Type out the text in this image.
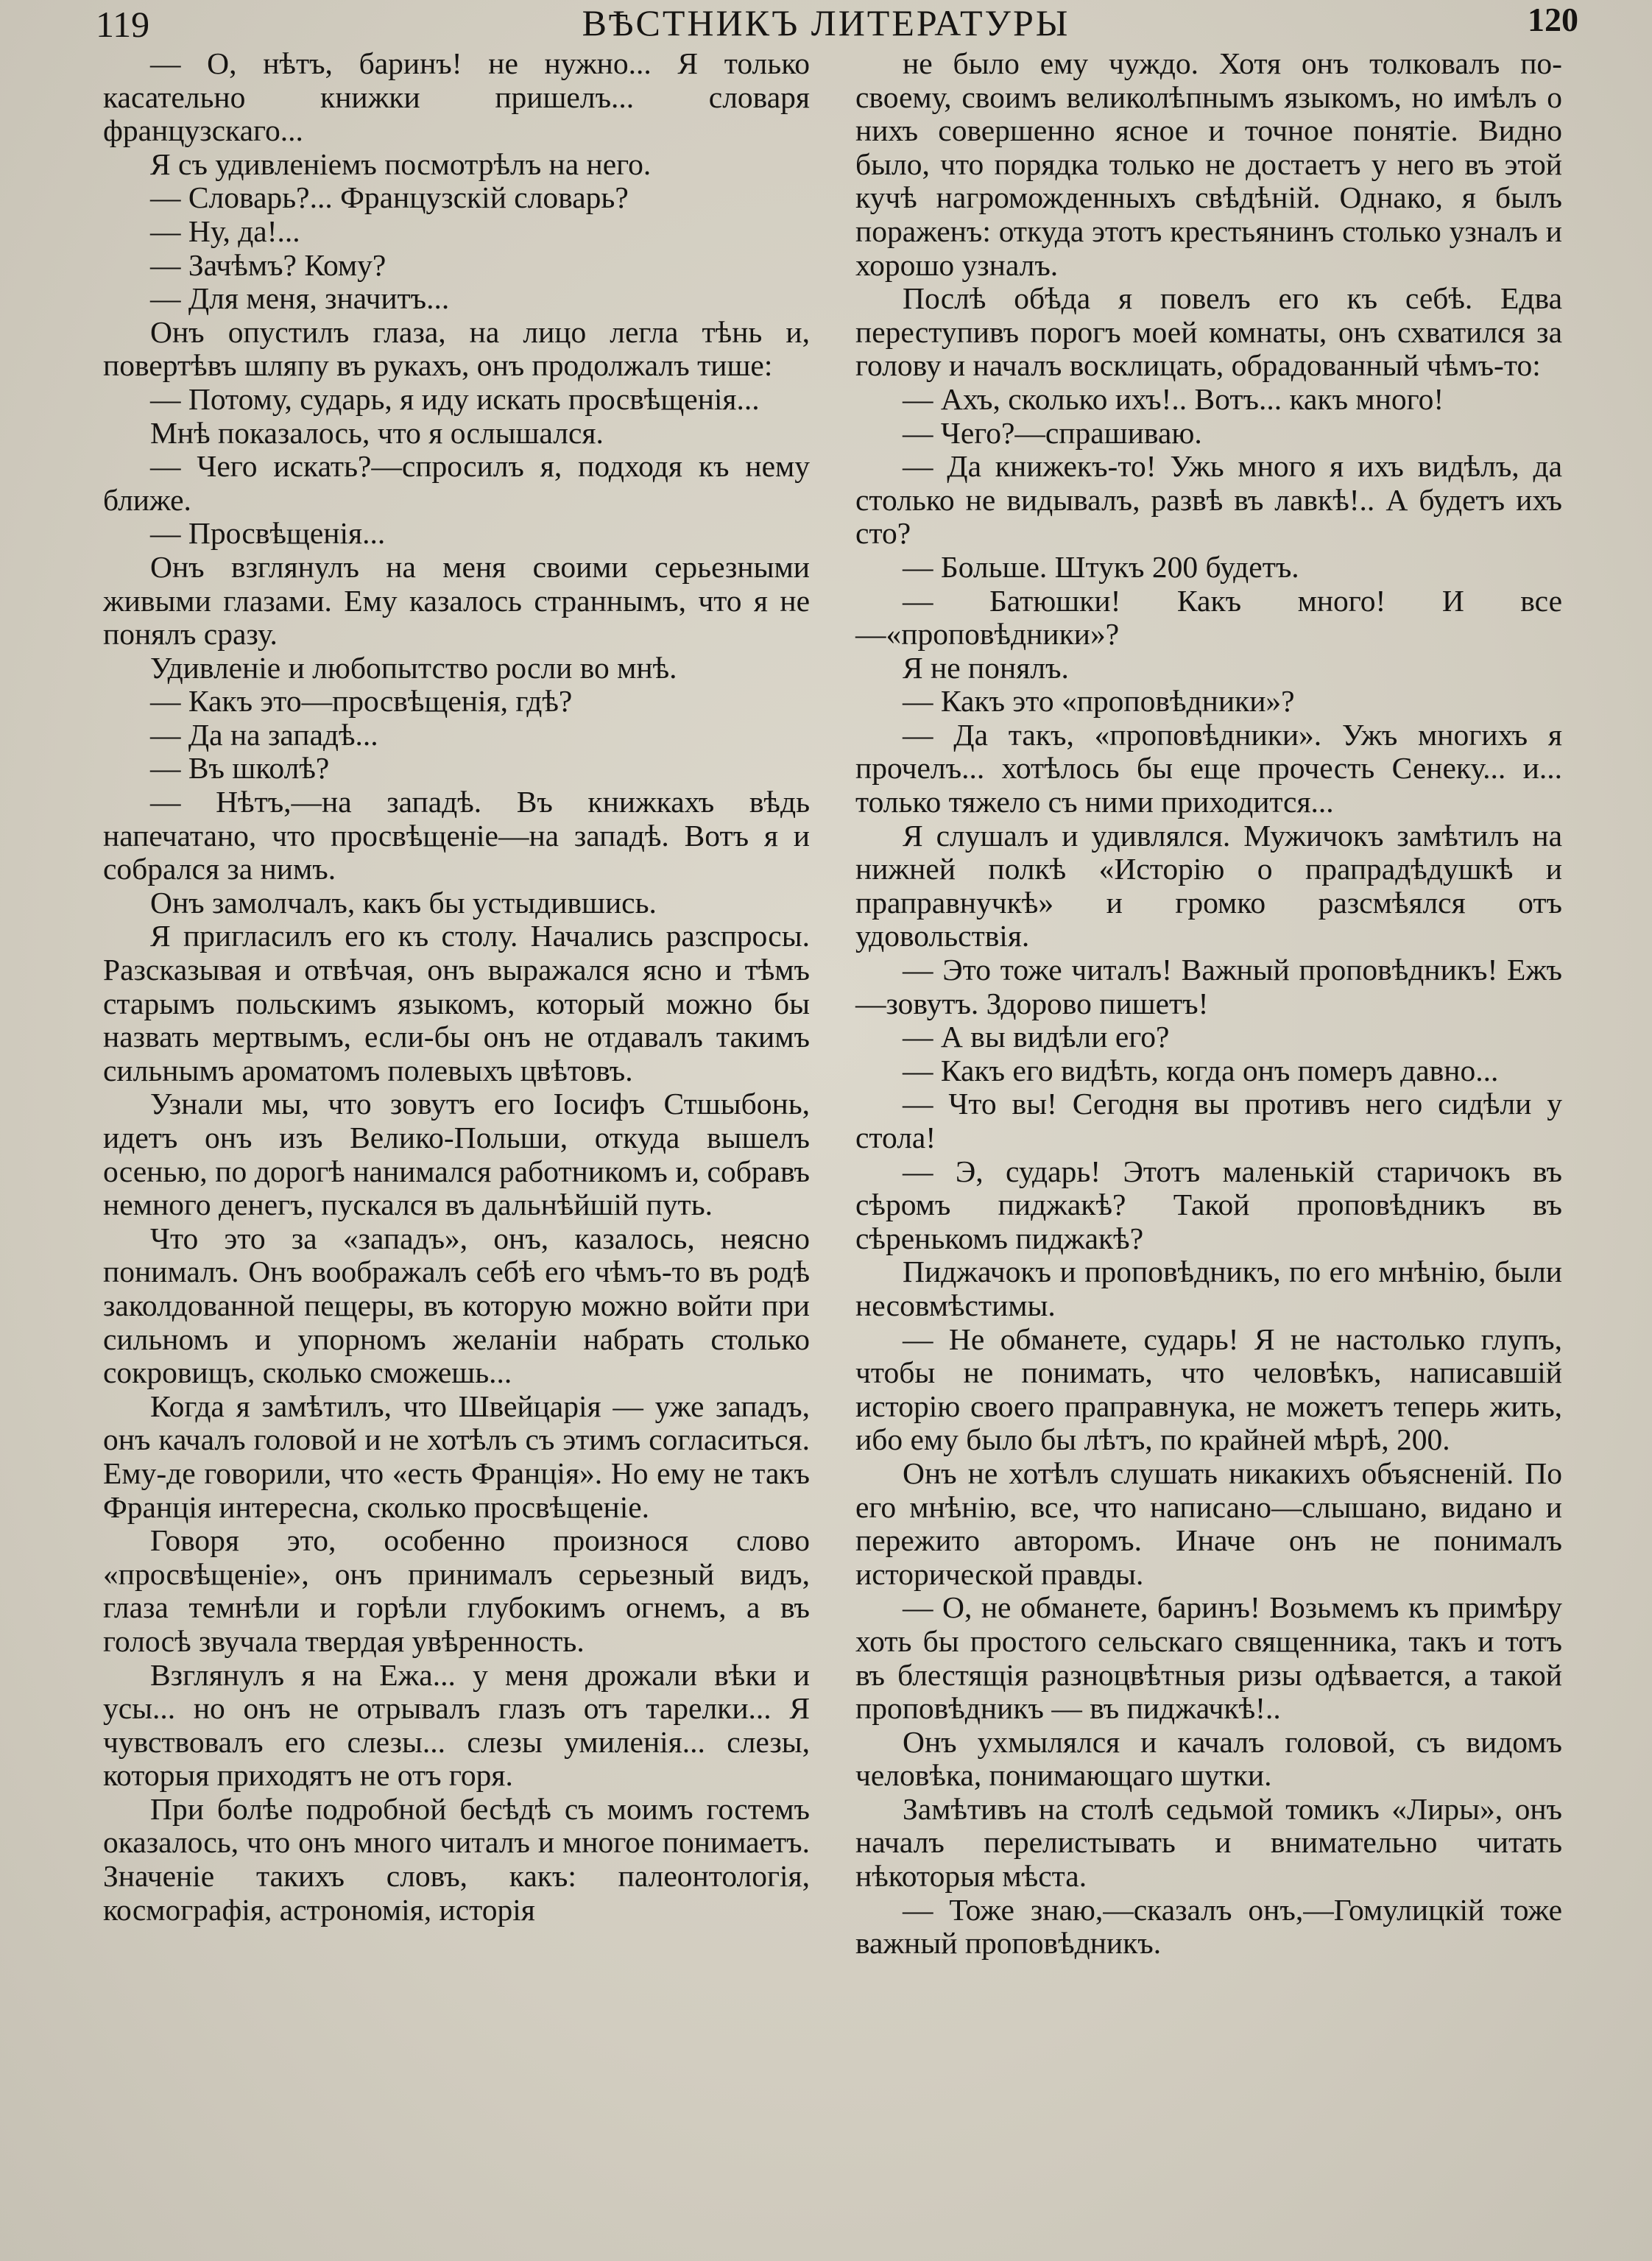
119	ВѢСТНИКЪ ЛИТЕРАТУРЫ	120

— О, нѣтъ, баринъ! не нужно... Я только касательно книжки пришелъ... словаря французскаго...

Я съ удивленіемъ посмотрѣлъ на него.

— Словарь?... Французскій словарь?

— Ну, да!...

— Зачѣмъ? Кому?

— Для меня, значитъ...

Онъ опустилъ глаза, на лицо легла тѣнь и, повертѣвъ шляпу въ рукахъ, онъ продолжалъ тише:

— Потому, сударь, я иду искать просвѣщенія...

Мнѣ показалось, что я ослышался.

— Чего искать?—спросилъ я, подходя къ нему ближе.

— Просвѣщенія...

Онъ взглянулъ на меня своими серьезными живыми глазами. Ему казалось страннымъ, что я не понялъ сразу.

Удивленіе и любопытство росли во мнѣ.

— Какъ это—просвѣщенія, гдѣ?

— Да на западѣ...

— Въ школѣ?

— Нѣтъ,—на западѣ. Въ книжкахъ вѣдь напечатано, что просвѣщеніе—на западѣ. Вотъ я и собрался за нимъ.

Онъ замолчалъ, какъ бы устыдившись.

Я пригласилъ его къ столу. Начались разспросы. Разсказывая и отвѣчая, онъ выражался ясно и тѣмъ старымъ польскимъ языкомъ, который можно бы назвать мертвымъ, если-бы онъ не отдавалъ такимъ сильнымъ ароматомъ полевыхъ цвѣтовъ.

Узнали мы, что зовутъ его Іосифъ Стшыбонь, идетъ онъ изъ Велико-Польши, откуда вышелъ осенью, по дорогѣ нанимался работникомъ и, собравъ немного денегъ, пускался въ дальнѣйшій путь.

Что это за «западъ», онъ, казалось, неясно понималъ. Онъ воображалъ себѣ его чѣмъ-то въ родѣ заколдованной пещеры, въ которую можно войти при сильномъ и упорномъ желаніи набрать столько сокровищъ, сколько сможешь...

Когда я замѣтилъ, что Швейцарія — уже западъ, онъ качалъ головой и не хотѣлъ съ этимъ согласиться. Ему-де говорили, что «есть Франція». Но ему не такъ Франція интересна, сколько просвѣщеніе.

Говоря это, особенно произнося слово «просвѣщеніе», онъ принималъ серьезный видъ, глаза темнѣли и горѣли глубокимъ огнемъ, а въ голосѣ звучала твердая увѣренность.

Взглянулъ я на Ежа... у меня дрожали вѣки и усы... но онъ не отрывалъ глазъ отъ тарелки... Я чувствовалъ его слезы... слезы умиленія... слезы, которыя приходятъ не отъ горя.

При болѣе подробной бесѣдѣ съ моимъ гостемъ оказалось, что онъ много читалъ и многое понимаетъ. Значеніе такихъ словъ, какъ: палеонтологія, космографія, астрономія, исторія

не было ему чуждо. Хотя онъ толковалъ по-своему, своимъ великолѣпнымъ языкомъ, но имѣлъ о нихъ совершенно ясное и точное понятіе. Видно было, что порядка только не достаетъ у него въ этой кучѣ нагроможденныхъ свѣдѣній. Однако, я былъ пораженъ: откуда этотъ крестьянинъ столько узналъ и хорошо узналъ.

Послѣ обѣда я повелъ его къ себѣ. Едва переступивъ порогъ моей комнаты, онъ схватился за голову и началъ восклицать, обрадованный чѣмъ-то:

— Ахъ, сколько ихъ!.. Вотъ... какъ много!

— Чего?—спрашиваю.

— Да книжекъ-то! Ужь много я ихъ видѣлъ, да столько не видывалъ, развѣ въ лавкѣ!.. А будетъ ихъ сто?

— Больше. Штукъ 200 будетъ.

— Батюшки! Какъ много! И все—«проповѣдники»?

Я не понялъ.

— Какъ это «проповѣдники»?

— Да такъ, «проповѣдники». Ужъ многихъ я прочелъ... хотѣлось бы еще прочесть Сенеку... и... только тяжело съ ними приходится...

Я слушалъ и удивлялся. Мужичокъ замѣтилъ на нижней полкѣ «Исторію о прапрадѣдушкѣ и праправнучкѣ» и громко разсмѣялся отъ удовольствія.

— Это тоже читалъ! Важный проповѣдникъ! Ежъ—зовутъ. Здорово пишетъ!

— А вы видѣли его?

— Какъ его видѣть, когда онъ померъ давно...

— Что вы! Сегодня вы противъ него сидѣли у стола!

— Э, сударь! Этотъ маленькій старичокъ въ сѣромъ пиджакѣ? Такой проповѣдникъ въ сѣренькомъ пиджакѣ?

Пиджачокъ и проповѣдникъ, по его мнѣнію, были несовмѣстимы.

— Не обманете, сударь! Я не настолько глупъ, чтобы не понимать, что человѣкъ, написавшій исторію своего праправнука, не можетъ теперь жить, ибо ему было бы лѣтъ, по крайней мѣрѣ, 200.

Онъ не хотѣлъ слушать никакихъ объясненій. По его мнѣнію, все, что написано—слышано, видано и пережито авторомъ. Иначе онъ не понималъ исторической правды.

— О, не обманете, баринъ! Возьмемъ къ примѣру хоть бы простого сельскаго священника, такъ и тотъ въ блестящія разноцвѣтныя ризы одѣвается, а такой проповѣдникъ — въ пиджачкѣ!..

Онъ ухмылялся и качалъ головой, съ видомъ человѣка, понимающаго шутки.

Замѣтивъ на столѣ седьмой томикъ «Лиры», онъ началъ перелистывать и внимательно читать нѣкоторыя мѣста.

— Тоже знаю,—сказалъ онъ,—Гомулицкій тоже важный проповѣдникъ.
